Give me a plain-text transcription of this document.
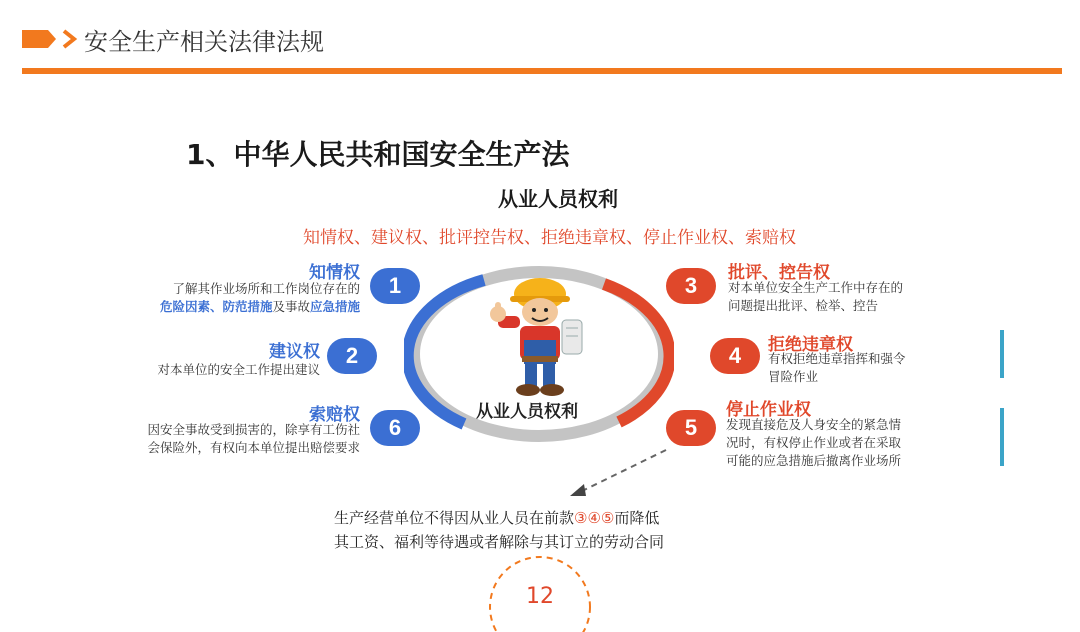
安全生产相关法律法规
1、中华人民共和国安全生产法
从业人员权利
知情权、建议权、批评控告权、拒绝违章权、停止作业权、索赔权
从业人员权利
知情权
了解其作业场所和工作岗位存在的
危险因素、防范措施及事故应急措施
1
建议权
对本单位的安全工作提出建议
2
索赔权
因安全事故受到损害的，除享有工伤社
会保险外，有权向本单位提出赔偿要求
6
3	批评、控告权
对本单位安全生产工作中存在的
问题提出批评、检举、控告
4	拒绝违章权
有权拒绝违章指挥和强令
冒险作业
5
停止作业权
发现直接危及人身安全的紧急情
况时，有权停止作业或者在采取
可能的应急措施后撤离作业场所
生产经营单位不得因从业人员在前款③④⑤而降低
其工资、福利等待遇或者解除与其订立的劳动合同
12
